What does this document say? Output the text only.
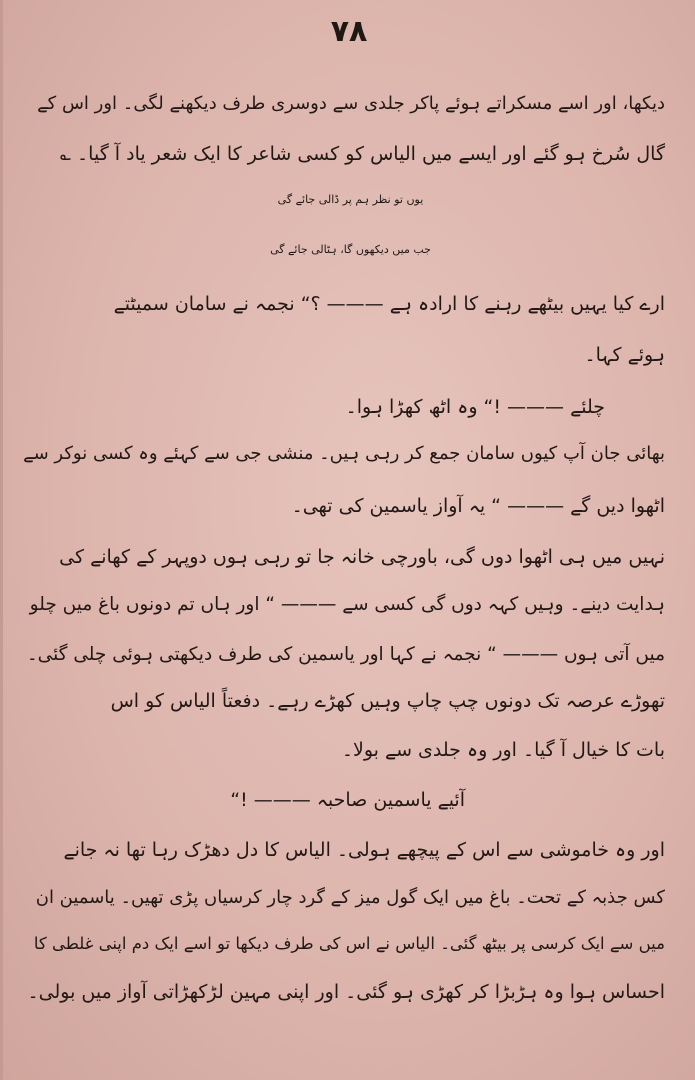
۷۸
دیکھا، اور اسے مسکراتے ہوئے پاکر جلدی سے دوسری طرف دیکھنے لگی۔ اور اس کے
گال سُرخ ہو گئے اور ایسے میں الیاس کو کسی شاعر کا ایک شعر یاد آ گیا۔ ؎
یوں تو نظر ہم پر ڈالی جائے گی
جب میں دیکھوں گا، ہٹالی جائے گی
ارے کیا یہیں بیٹھے رہنے کا ارادہ ہے ——— ؟“ نجمہ نے سامان سمیٹتے
ہوئے کہا۔
چلئے ——— !“ وہ اٹھ کھڑا ہوا۔
بھائی جان آپ کیوں سامان جمع کر رہی ہیں۔ منشی جی سے کہئے وہ کسی نوکر سے
اٹھوا دیں گے ——— “ یہ آواز یاسمین کی تھی۔
نہیں میں ہی اٹھوا دوں گی، باورچی خانہ جا تو رہی ہوں دوپہر کے کھانے کی
ہدایت دینے۔ وہیں کہہ دوں گی کسی سے ——— “ اور ہاں تم دونوں باغ میں چلو
میں آتی ہوں ——— “ نجمہ نے کہا اور یاسمین کی طرف دیکھتی ہوئی چلی گئی۔
تھوڑے عرصہ تک دونوں چپ چاپ وہیں کھڑے رہے۔ دفعتاً الیاس کو اس
بات کا خیال آ گیا۔ اور وہ جلدی سے بولا۔
آئیے یاسمین صاحبہ ——— !“
اور وہ خاموشی سے اس کے پیچھے ہولی۔ الیاس کا دل دھڑک رہا تھا نہ جانے
کس جذبہ کے تحت۔ باغ میں ایک گول میز کے گرد چار کرسیاں پڑی تھیں۔ یاسمین ان
میں سے ایک کرسی پر بیٹھ گئی۔ الیاس نے اس کی طرف دیکھا تو اسے ایک دم اپنی غلطی کا
احساس ہوا وہ ہڑبڑا کر کھڑی ہو گئی۔ اور اپنی مہین لڑکھڑاتی آواز میں بولی۔
